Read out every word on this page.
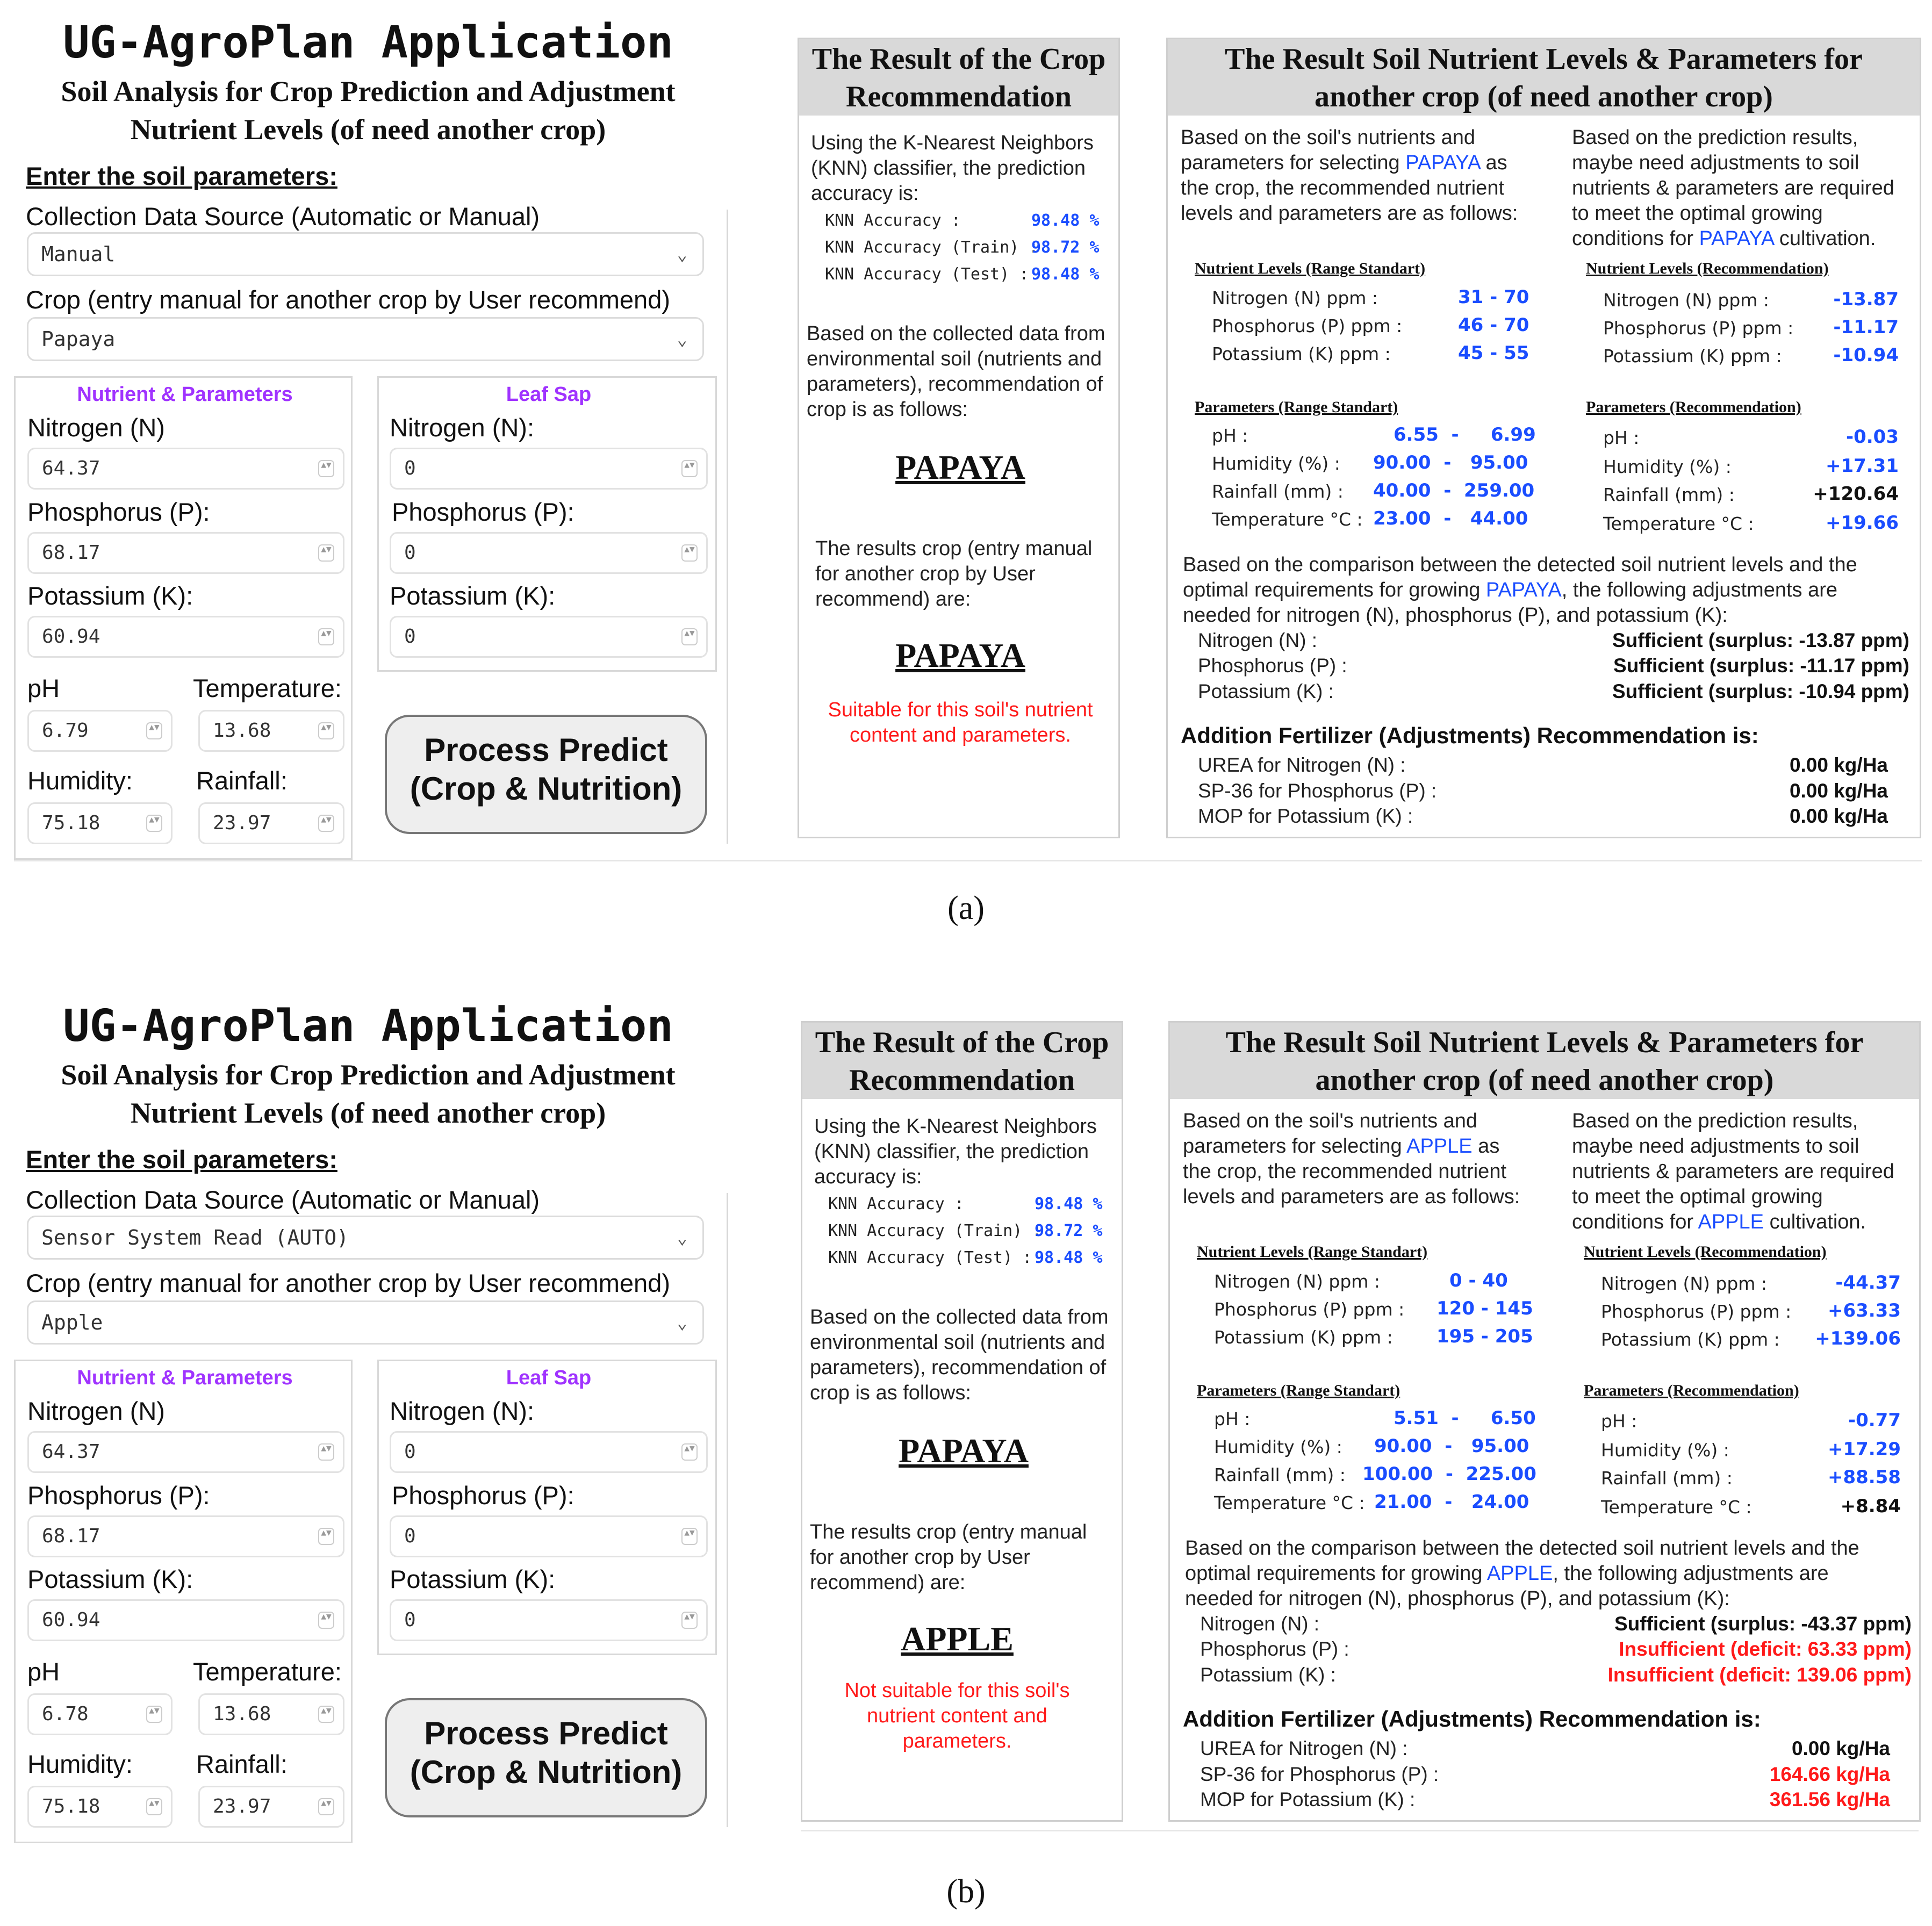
UG-AgroPlan Application
Soil Analysis for Crop Prediction and Adjustment
Nutrient Levels (of need another crop)
Enter the soil parameters:
Collection Data Source (Automatic or Manual)
Manual	⌄
Crop (entry manual for another crop by User recommend)
Papaya	⌄
Nutrient & Parameters
Nitrogen (N)
64.37	▲▼
Phosphorus (P):
68.17	▲▼
Potassium (K):
60.94	▲▼
pH	Temperature:
6.79	▲▼	13.68	▲▼
Humidity:	Rainfall:
75.18	▲▼	23.97	▲▼
Leaf Sap
Nitrogen (N):
0	▲▼
Phosphorus (P):
0	▲▼
Potassium (K):
0	▲▼
Process Predict
(Crop & Nutrition)
The Result of the Crop
Recommendation
Using the K-Nearest Neighbors
(KNN) classifier, the prediction
accuracy is:
KNN Accuracy :	98.48 %
KNN Accuracy (Train) :
98.72 %
KNN Accuracy (Test) : 98.48 %
Based on the collected data from
environmental soil (nutrients and
parameters), recommendation of
crop is as follows:
PAPAYA
The results crop (entry manual
for another crop by User
recommend) are:
PAPAYA
Suitable for this soil's nutrient
content and parameters.
The Result Soil Nutrient Levels & Parameters for
another crop (of need another crop)
Based on the soil's nutrients and
parameters for selecting PAPAYA as
the crop, the recommended nutrient
levels and parameters are as follows:
Based on the prediction results,
maybe need adjustments to soil
nutrients & parameters are required
to meet the optimal growing
conditions for PAPAYA cultivation.
Nutrient Levels (Range Standart)
Nitrogen (N) ppm :	31 - 70
Phosphorus (P) ppm :	46 - 70
Potassium (K) ppm :	45 - 55
Nutrient Levels (Recommendation)
Nitrogen (N) ppm :	-13.87
Phosphorus (P) ppm :	-11.17
Potassium (K) ppm :	-10.94
Parameters (Range Standart)
pH :	6.55  -     6.99
Humidity (%) : 90.00  -   95.00
Rainfall (mm) : 40.00  -  259.00
Temperature °C : 23.00  -   44.00
Parameters (Recommendation)
pH :	-0.03
Humidity (%) :	+17.31
Rainfall (mm) :	+120.64
Temperature °C :	+19.66
Based on the comparison between the detected soil nutrient levels and the
optimal requirements for growing PAPAYA, the following adjustments are
needed for nitrogen (N), phosphorus (P), and potassium (K):
Nitrogen (N) :	Sufficient (surplus: -13.87 ppm)
Phosphorus (P) :	Sufficient (surplus: -11.17 ppm)
Potassium (K) :	Sufficient (surplus: -10.94 ppm)
Addition Fertilizer (Adjustments) Recommendation is:
UREA for Nitrogen (N) :	0.00 kg/Ha
SP-36 for Phosphorus (P) :	0.00 kg/Ha
MOP for Potassium (K) :	0.00 kg/Ha
(a)
UG-AgroPlan Application
Soil Analysis for Crop Prediction and Adjustment
Nutrient Levels (of need another crop)
Enter the soil parameters:
Collection Data Source (Automatic or Manual)
Sensor System Read (AUTO)	⌄
Crop (entry manual for another crop by User recommend)
Apple	⌄
Nutrient & Parameters
Nitrogen (N)
64.37	▲▼
Phosphorus (P):
68.17	▲▼
Potassium (K):
60.94	▲▼
pH	Temperature:
6.78	▲▼	13.68	▲▼
Humidity:	Rainfall:
75.18	▲▼	23.97	▲▼
Leaf Sap
Nitrogen (N):
0	▲▼
Phosphorus (P):
0	▲▼
Potassium (K):
0	▲▼
Process Predict
(Crop & Nutrition)
The Result of the Crop
Recommendation
Using the K-Nearest Neighbors
(KNN) classifier, the prediction
accuracy is:
KNN Accuracy :	98.48 %
KNN Accuracy (Train) :
98.72 %
KNN Accuracy (Test) : 98.48 %
Based on the collected data from
environmental soil (nutrients and
parameters), recommendation of
crop is as follows:
PAPAYA
The results crop (entry manual
for another crop by User
recommend) are:
APPLE
Not suitable for this soil's
nutrient content and
parameters.
The Result Soil Nutrient Levels & Parameters for
another crop (of need another crop)
Based on the soil's nutrients and
parameters for selecting APPLE as
the crop, the recommended nutrient
levels and parameters are as follows:
Based on the prediction results,
maybe need adjustments to soil
nutrients & parameters are required
to meet the optimal growing
conditions for APPLE cultivation.
Nutrient Levels (Range Standart)
Nitrogen (N) ppm :	0 - 40
Phosphorus (P) ppm : 120 - 145
Potassium (K) ppm : 195 - 205
Nutrient Levels (Recommendation)
Nitrogen (N) ppm :	-44.37
Phosphorus (P) ppm :	+63.33
Potassium (K) ppm :	+139.06
Parameters (Range Standart)
pH :	5.51  -     6.50
Humidity (%) : 90.00  -   95.00
Rainfall (mm) : 100.00  -  225.00
Temperature °C : 21.00  -   24.00
Parameters (Recommendation)
pH :	-0.77
Humidity (%) :	+17.29
Rainfall (mm) :	+88.58
Temperature °C :	+8.84
Based on the comparison between the detected soil nutrient levels and the
optimal requirements for growing APPLE, the following adjustments are
needed for nitrogen (N), phosphorus (P), and potassium (K):
Nitrogen (N) :	Sufficient (surplus: -43.37 ppm)
Phosphorus (P) :	Insufficient (deficit: 63.33 ppm)
Potassium (K) :	Insufficient (deficit: 139.06 ppm)
Addition Fertilizer (Adjustments) Recommendation is:
UREA for Nitrogen (N) :	0.00 kg/Ha
SP-36 for Phosphorus (P) :	164.66 kg/Ha
MOP for Potassium (K) :	361.56 kg/Ha
(b)
